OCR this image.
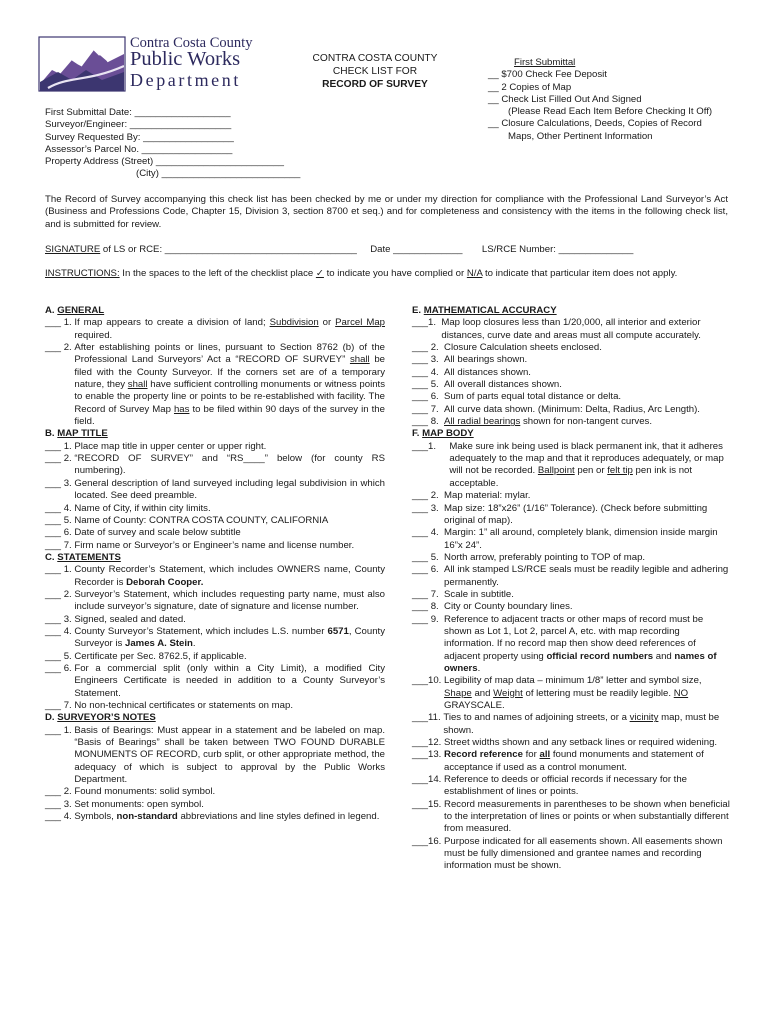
Contra Costa County
Public Works
Department
CONTRA COSTA COUNTY
CHECK LIST FOR
RECORD OF SURVEY
First Submittal
__ $700 Check Fee Deposit
__ 2 Copies of Map
__ Check List Filled Out And Signed
(Please Read Each Item Before Checking It Off)
__ Closure Calculations, Deeds, Copies of Record
Maps, Other Pertinent Information
First Submittal Date: __________________
Surveyor/Engineer: ___________________
Survey Requested By: _________________
Assessor’s Parcel No. _________________
Property Address (Street) ________________________
(City) __________________________
The Record of Survey accompanying this check list has been checked by me or under my direction for compliance with the Professional Land Surveyor’s Act (Business and Professions Code, Chapter 15, Division 3, section 8700 et seq.) and for completeness and consistency with the items in the following check list, and is submitted for review.
SIGNATURE of LS or RCE: ____________________________________ Date _____________ LS/RCE Number: ______________
INSTRUCTIONS: In the spaces to the left of the checklist place ✓ to indicate you have complied or N/A to indicate that particular item does not apply.
A. GENERAL
___ 1. If map appears to create a division of land; Subdivision or Parcel Map required.
___ 2. After establishing points or lines, pursuant to Section 8762 (b) of the Professional Land Surveyors’ Act a “RECORD OF SURVEY” shall be filed with the County Surveyor. If the corners set are of a temporary nature, they shall have sufficient controlling monuments or witness points to enable the property line or points to be re-established with facility. The Record of Survey Map has to be filed within 90 days of the survey in the field.
B. MAP TITLE
___ 1. Place map title in upper center or upper right.
___ 2. “RECORD OF SURVEY” and “RS____” below (for county RS numbering).
___ 3. General description of land surveyed including legal subdivision in which located. See deed preamble.
___ 4. Name of City, if within city limits.
___ 5. Name of County: CONTRA COSTA COUNTY, CALIFORNIA
___ 6. Date of survey and scale below subtitle
___ 7. Firm name or Surveyor’s or Engineer’s name and license number.
C. STATEMENTS
___ 1. County Recorder’s Statement, which includes OWNERS name, County Recorder is Deborah Cooper.
___ 2. Surveyor’s Statement, which includes requesting party name, must also include surveyor’s signature, date of signature and license number.
___ 3. Signed, sealed and dated.
___ 4. County Surveyor’s Statement, which includes L.S. number 6571, County Surveyor is James A. Stein.
___ 5. Certificate per Sec. 8762.5, if applicable.
___ 6. For a commercial split (only within a City Limit), a modified City Engineers Certificate is needed in addition to a County Surveyor’s Statement.
___ 7. No non-technical certificates or statements on map.
D. SURVEYOR’S NOTES
___ 1. Basis of Bearings: Must appear in a statement and be labeled on map. “Basis of Bearings” shall be taken between TWO FOUND DURABLE MONUMENTS OF RECORD, curb split, or other appropriate method, the adequacy of which is subject to approval by the Public Works Department.
___ 2. Found monuments: solid symbol.
___ 3. Set monuments: open symbol.
___ 4. Symbols, non-standard abbreviations and line styles defined in legend.
E. MATHEMATICAL ACCURACY
___ 1. Map loop closures less than 1/20,000, all interior and exterior distances, curve date and areas must all compute accurately.
___ 2. Closure Calculation sheets enclosed.
___ 3. All bearings shown.
___ 4. All distances shown.
___ 5. All overall distances shown.
___ 6. Sum of parts equal total distance or delta.
___ 7. All curve data shown. (Minimum: Delta, Radius, Arc Length).
___ 8. All radial bearings shown for non-tangent curves.
F. MAP BODY
___ 1. Make sure ink being used is black permanent ink, that it adheres adequately to the map and that it reproduces adequately, or map will not be recorded. Ballpoint pen or felt tip pen ink is not acceptable.
___ 2. Map material: mylar.
___ 3. Map size: 18”x26” (1/16” Tolerance). (Check before submitting original of map).
___ 4. Margin: 1” all around, completely blank, dimension inside margin 16”x 24”.
___ 5. North arrow, preferably pointing to TOP of map.
___ 6. All ink stamped LS/RCE seals must be readily legible and adhering permanently.
___ 7. Scale in subtitle.
___ 8. City or County boundary lines.
___ 9. Reference to adjacent tracts or other maps of record must be shown as Lot 1, Lot 2, parcel A, etc. with map recording information. If no record map then show deed references of adjacent property using official record numbers and names of owners.
___ 10. Legibility of map data – minimum 1/8” letter and symbol size, Shape and Weight of lettering must be readily legible. NO GRAYSCALE.
___ 11. Ties to and names of adjoining streets, or a vicinity map, must be shown.
___ 12. Street widths shown and any setback lines or required widening.
___ 13. Record reference for all found monuments and statement of acceptance if used as a control monument.
___ 14. Reference to deeds or official records if necessary for the establishment of lines or points.
___ 15. Record measurements in parentheses to be shown when beneficial to the interpretation of lines or points or when substantially different from measured.
___ 16. Purpose indicated for all easements shown. All easements shown must be fully dimensioned and grantee names and recording information must be shown.
